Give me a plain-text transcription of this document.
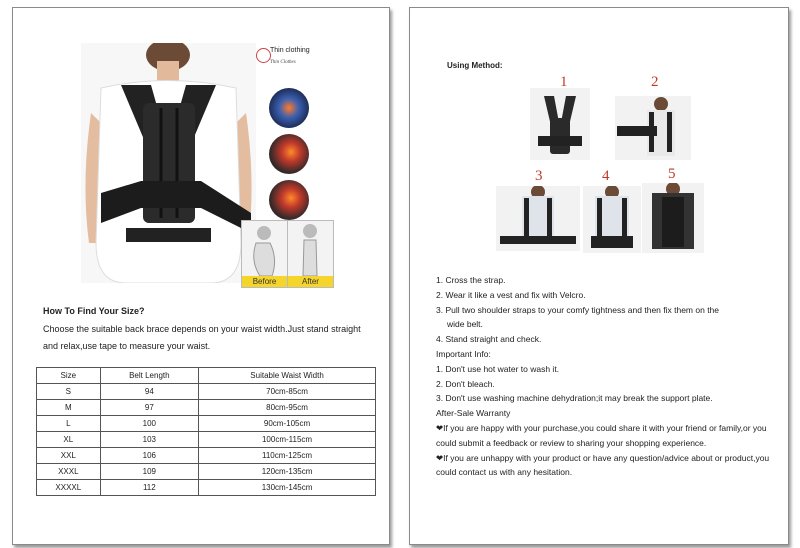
Thin clothing
Thin Clothes
Before	After
How To Find Your Size?
Choose the suitable back brace depends on your waist width.Just stand straight and relax,use tape to measure your waist.
Size	Belt Length	Suitable Waist Width
S	94	70cm-85cm
M	97	80cm-95cm
L	100	90cm-105cm
XL	103	100cm-115cm
XXL	106	110cm-125cm
XXXL	109	120cm-135cm
XXXXL	112	130cm-145cm
Using Method:
1	2
3	4	5
1. Cross the strap.
2. Wear it like a vest and fix with Velcro.
3. Pull two shoulder straps to your comfy tightness and then fix them on the
wide belt.
4. Stand straight and check.
Important Info:
1. Don't use hot water to wash it.
2. Don't bleach.
3. Don't use washing machine dehydration;it may break the support plate.
After-Sale Warranty
❤If you are happy with your purchase,you could share it with your friend or family,or you could submit a feedback or review to sharing your shopping experience.
❤If you are unhappy with your product or have any question/advice about or product,you could contact us with any hesitation.
